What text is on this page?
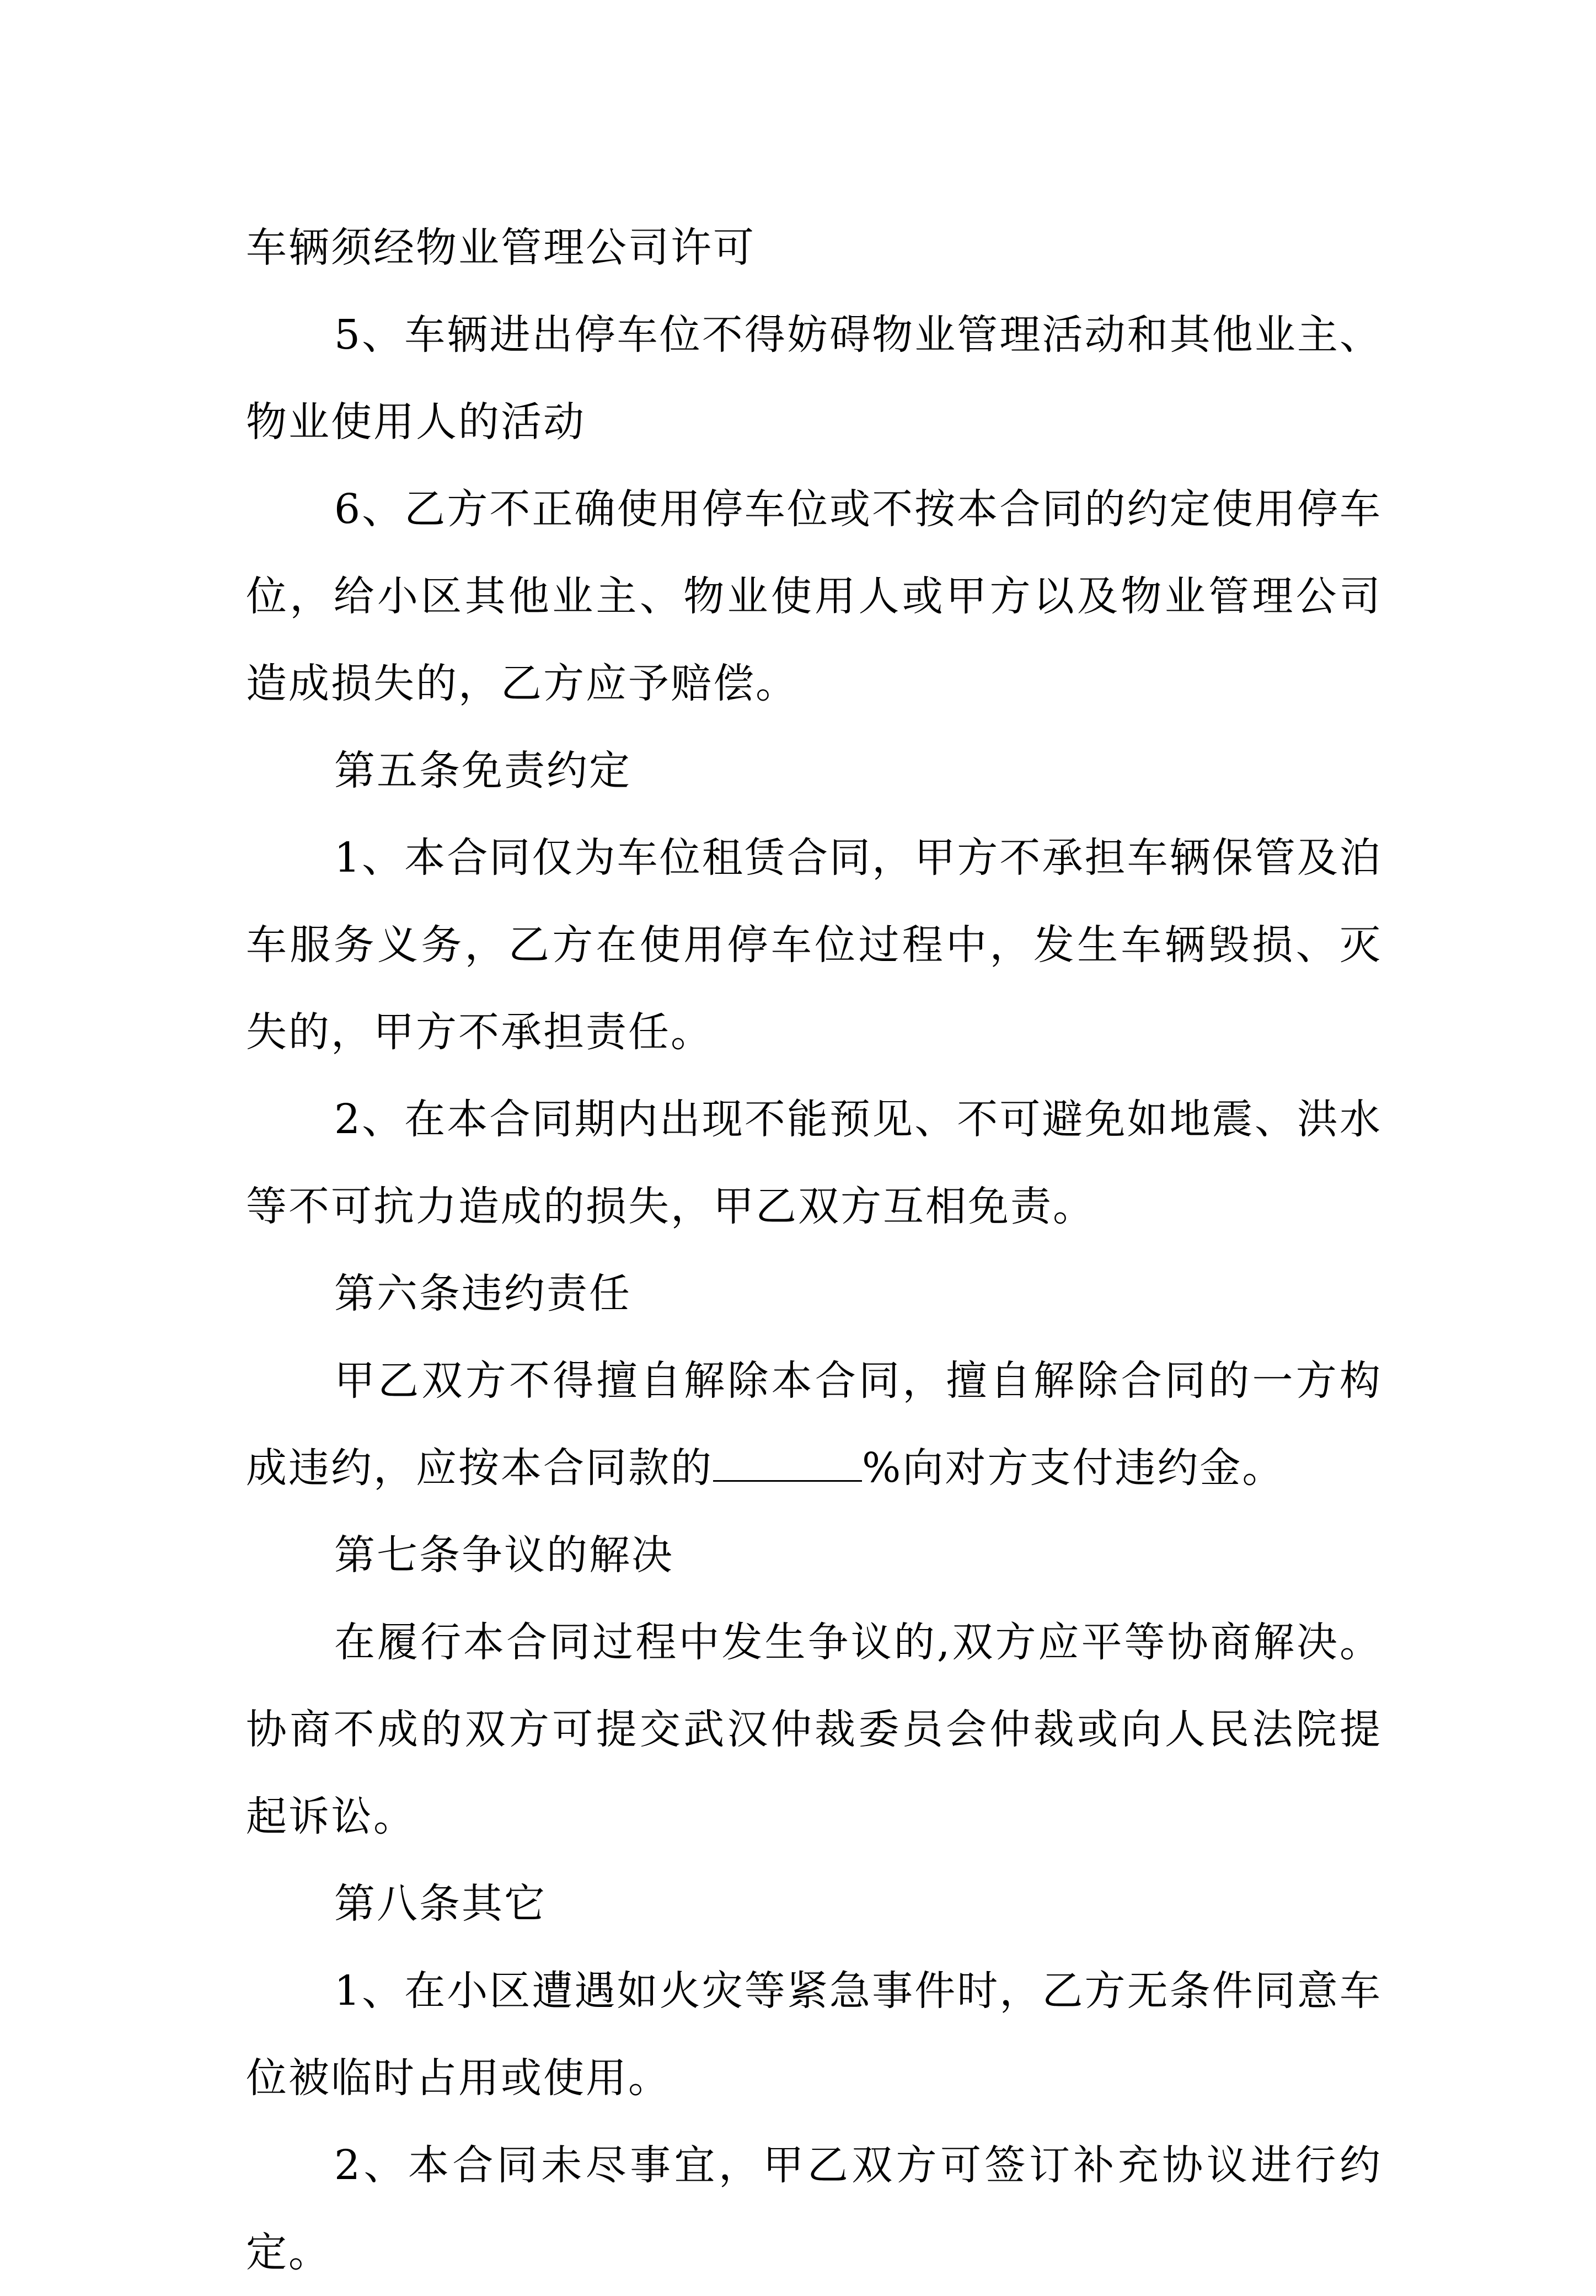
车辆须经物业管理公司许可

5、车辆进出停车位不得妨碍物业管理活动和其他业主、物业使用人的活动

6、乙方不正确使用停车位或不按本合同的约定使用停车位，给小区其他业主、物业使用人或甲方以及物业管理公司造成损失的，乙方应予赔偿。

第五条免责约定

1、本合同仅为车位租赁合同，甲方不承担车辆保管及泊车服务义务，乙方在使用停车位过程中，发生车辆毁损、灭失的，甲方不承担责任。

2、在本合同期内出现不能预见、不可避免如地震、洪水等不可抗力造成的损失，甲乙双方互相免责。

第六条违约责任

甲乙双方不得擅自解除本合同，擅自解除合同的一方构成违约，应按本合同款的	%向对方支付违约金。

第七条争议的解决

在履行本合同过程中发生争议的,双方应平等协商解决。协商不成的双方可提交武汉仲裁委员会仲裁或向人民法院提起诉讼。

第八条其它

1、在小区遭遇如火灾等紧急事件时，乙方无条件同意车位被临时占用或使用。

2、本合同未尽事宜，甲乙双方可签订补充协议进行约定。
